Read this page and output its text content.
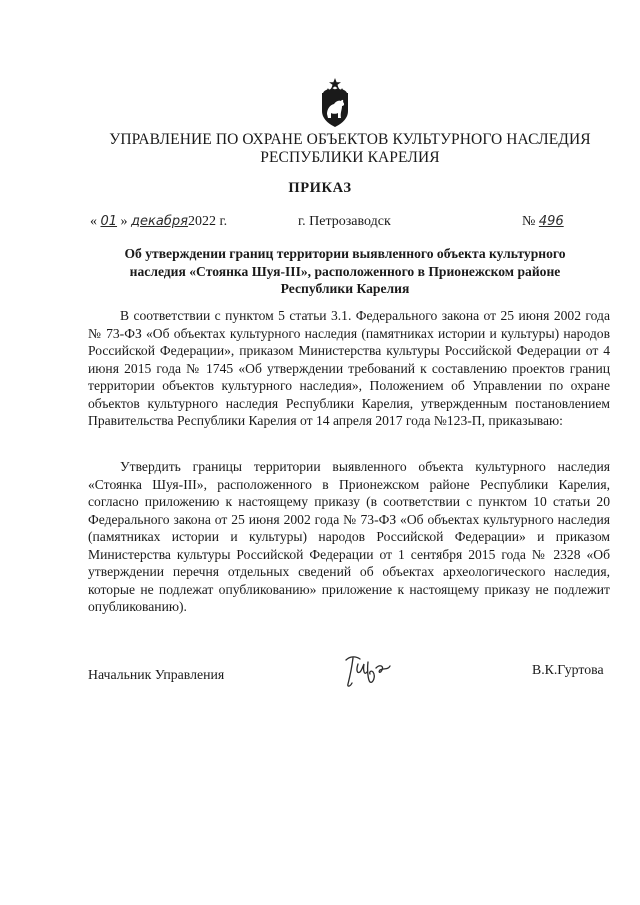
УПРАВЛЕНИЕ ПО ОХРАНЕ ОБЪЕКТОВ КУЛЬТУРНОГО НАСЛЕДИЯ
РЕСПУБЛИКИ КАРЕЛИЯ
ПРИКАЗ
« 01 » декабря2022 г.	г. Петрозаводск	№ 496
Об утверждении границ территории выявленного объекта культурного
наследия «Стоянка Шуя-III», расположенного в Прионежском районе
Республики Карелия

В соответствии с пунктом 5 статьи 3.1. Федерального закона от 25 июня 2002 года № 73-ФЗ «Об объектах культурного наследия (памятниках истории и культуры) народов Российской Федерации», приказом Министерства культуры Российской Федерации от 4 июня 2015 года № 1745 «Об утверждении требований к составлению проектов границ территории объектов культурного наследия», Положением об Управлении по охране объектов культурного наследия Республики Карелия, утвержденным постановлением Правительства Республики Карелия от 14 апреля 2017 года №123-П, приказываю:

Утвердить границы территории выявленного объекта культурного наследия «Стоянка Шуя-III», расположенного в Прионежском районе Республики Карелия, согласно приложению к настоящему приказу (в соответствии с пунктом 10 статьи 20 Федерального закона от 25 июня 2002 года № 73-ФЗ «Об объектах культурного наследия (памятниках истории и культуры) народов Российской Федерации» и приказом Министерства культуры Российской Федерации от 1 сентября 2015 года № 2328 «Об утверждении перечня отдельных сведений об объектах археологического наследия, которые не подлежат опубликованию» приложение к настоящему приказу не подлежит опубликованию).

Начальник Управления	В.К.Гуртова
